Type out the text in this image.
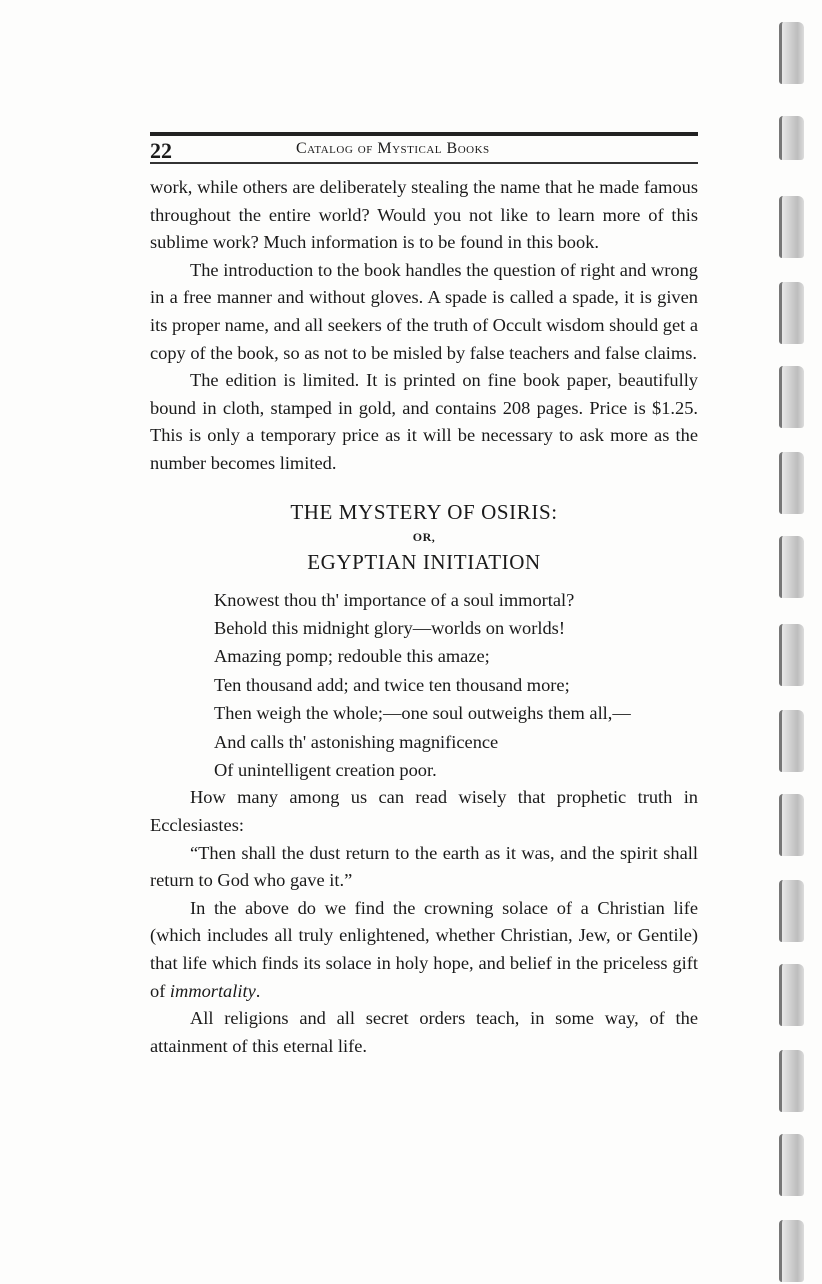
22	Catalog of Mystical Books

work, while others are deliberately stealing the name that he made famous throughout the entire world? Would you not like to learn more of this sublime work? Much information is to be found in this book.

The introduction to the book handles the question of right and wrong in a free manner and without gloves. A spade is called a spade, it is given its proper name, and all seekers of the truth of Occult wisdom should get a copy of the book, so as not to be misled by false teachers and false claims.

The edition is limited. It is printed on fine book paper, beautifully bound in cloth, stamped in gold, and contains 208 pages. Price is $1.25. This is only a temporary price as it will be necessary to ask more as the number becomes limited.

THE MYSTERY OF OSIRIS:
OR,
EGYPTIAN INITIATION
Knowest thou th' importance of a soul immortal?
Behold this midnight glory—worlds on worlds!
Amazing pomp; redouble this amaze;
Ten thousand add; and twice ten thousand more;
Then weigh the whole;—one soul outweighs them all,—
And calls th' astonishing magnificence
Of unintelligent creation poor.

How many among us can read wisely that prophetic truth in Ecclesiastes:

“Then shall the dust return to the earth as it was, and the spirit shall return to God who gave it.”

In the above do we find the crowning solace of a Christian life (which includes all truly enlightened, whether Christian, Jew, or Gentile) that life which finds its solace in holy hope, and belief in the priceless gift of immortality.

All religions and all secret orders teach, in some way, of the attainment of this eternal life.
